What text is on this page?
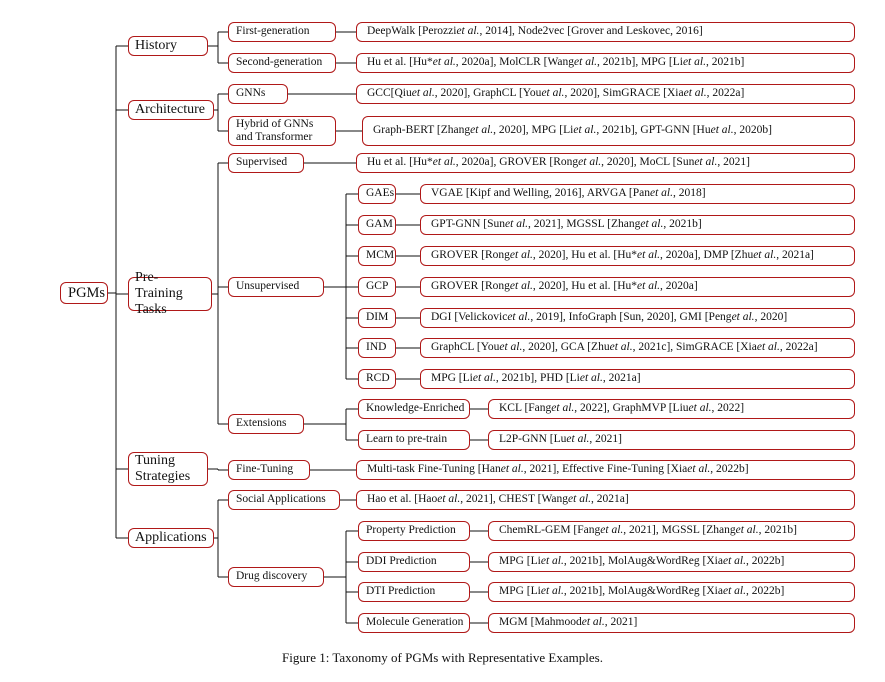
PGMs
History
First-generation	DeepWalk [Perozzi et al. , 2014], Node2vec [Grover and Leskovec, 2016]
Second-generation	Hu et al. [Hu* et al. , 2020a], MolCLR [Wang et al. , 2021b], MPG [Li et al. , 2021b]
Architecture
GNNs	GCC[Qiu et al. , 2020], GraphCL [You et al. , 2020], SimGRACE [Xia et al. , 2022a]
Hybrid of GNNs and Transformer
Graph-BERT [Zhang et al. , 2020], MPG [Li et al. , 2021b], GPT-GNN [Hu et al. , 2020b]
Pre-Training Tasks
Supervised	Hu et al. [Hu* et al. , 2020a], GROVER [Rong et al. , 2020], MoCL [Sun et al. , 2021]
Unsupervised
GAEs	VGAE [Kipf and Welling, 2016], ARVGA [Pan et al. , 2018]
GAM	GPT-GNN [Sun et al. , 2021], MGSSL [Zhang et al. , 2021b]
MCM	GROVER [Rong et al. , 2020], Hu et al. [Hu* et al. , 2020a], DMP [Zhu et al. , 2021a]
GCP	GROVER [Rong et al. , 2020], Hu et al. [Hu* et al. , 2020a]
DIM	DGI [Velickovic et al. , 2019], InfoGraph [Sun, 2020], GMI [Peng et al. , 2020]
IND	GraphCL [You et al. , 2020], GCA [Zhu et al. , 2021c], SimGRACE [Xia et al. , 2022a]
RCD	MPG [Li et al. , 2021b], PHD [Li et al. , 2021a]
Extensions
Knowledge-Enriched	KCL [Fang et al. , 2022], GraphMVP [Liu et al. , 2022]
Learn to pre-train	L2P-GNN [Lu et al. , 2021]
Tuning Strategies	Fine-Tuning	Multi-task Fine-Tuning [Han et al. , 2021], Effective Fine-Tuning [Xia et al. , 2022b]
Applications
Social Applications	Hao et al. [Hao et al. , 2021], CHEST [Wang et al. , 2021a]
Drug discovery
Property Prediction	ChemRL-GEM [Fang et al. , 2021], MGSSL [Zhang et al. , 2021b]
DDI Prediction	MPG [Li et al. , 2021b], MolAug&WordReg [Xia et al. , 2022b]
DTI Prediction	MPG [Li et al. , 2021b], MolAug&WordReg [Xia et al. , 2022b]
Molecule Generation	MGM [Mahmood et al. , 2021]
Figure 1: Taxonomy of PGMs with Representative Examples.
